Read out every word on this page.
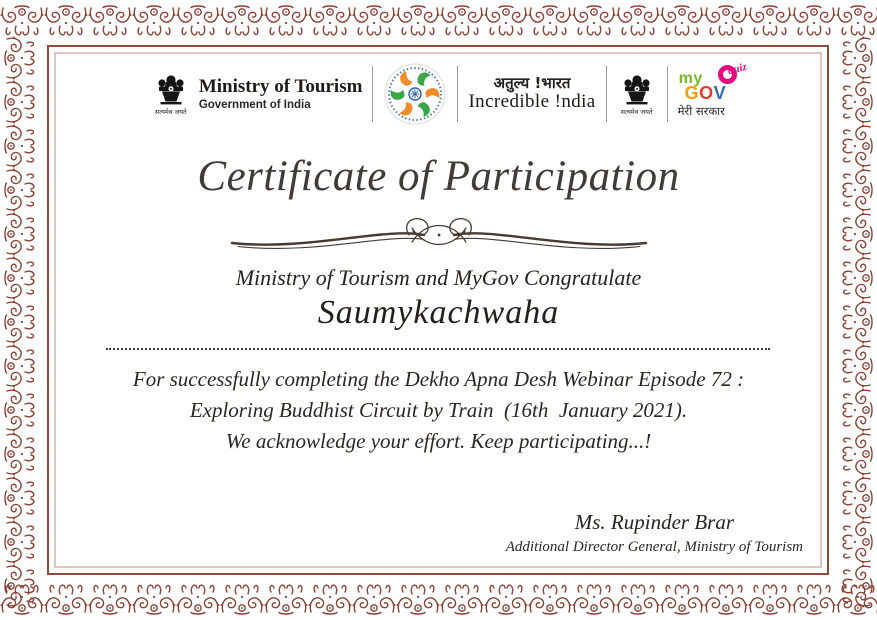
सत्यमेव जयते
Ministry of Tourism
Government of India
अतुल्य !भारत
Incredible !ndia	सत्यमेव जयते
my
GOV
quiz
मेरी सरकार
Certificate of Participation
Ministry of Tourism and MyGov Congratulate
Saumykachwaha
For successfully completing the Dekho Apna Desh Webinar Episode 72 :
Exploring Buddhist Circuit by Train  (16th  January 2021).
We acknowledge your effort. Keep participating...!
Ms. Rupinder Brar
Additional Director General, Ministry of Tourism
